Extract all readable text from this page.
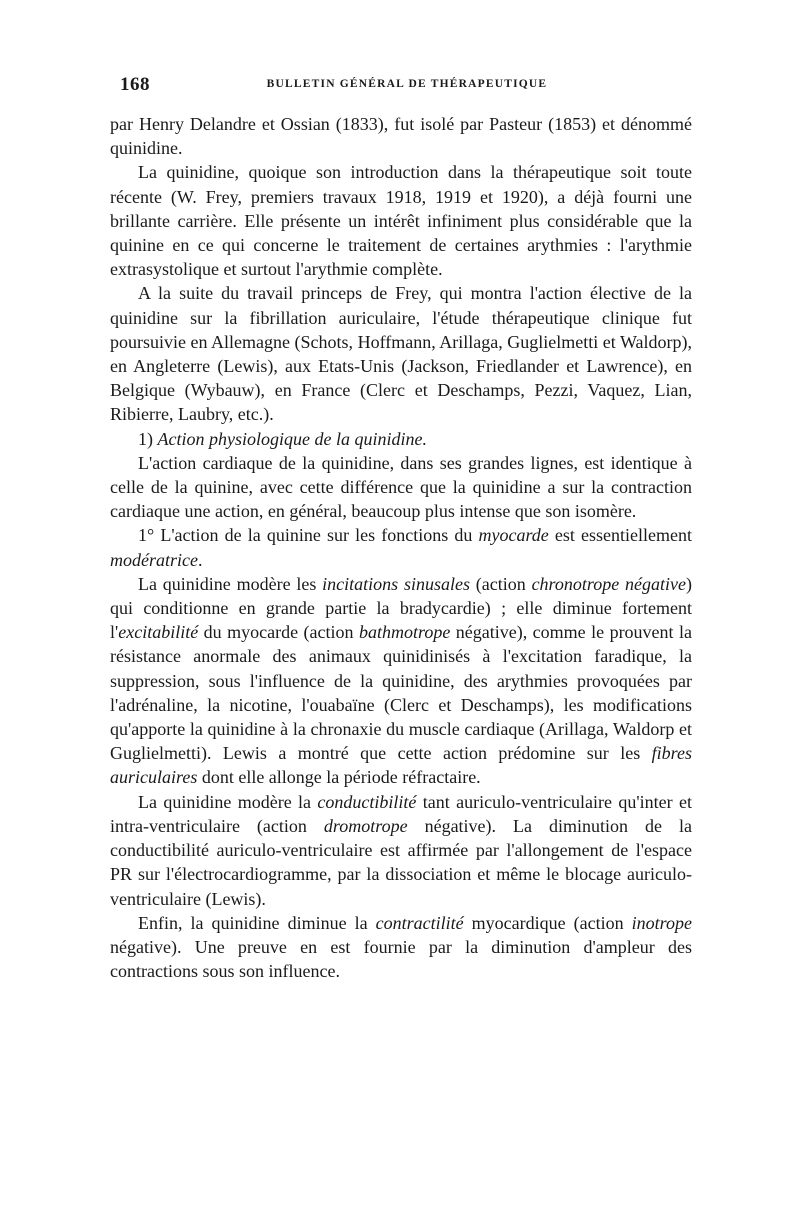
168	BULLETIN GÉNÉRAL DE THÉRAPEUTIQUE

par Henry Delandre et Ossian (1833), fut isolé par Pasteur (1853) et dénommé quinidine.

La quinidine, quoique son introduction dans la thérapeutique soit toute récente (W. Frey, premiers travaux 1918, 1919 et 1920), a déjà fourni une brillante carrière. Elle présente un intérêt infiniment plus considérable que la quinine en ce qui concerne le traitement de certaines arythmies : l'arythmie extrasystolique et surtout l'arythmie complète.

A la suite du travail princeps de Frey, qui montra l'action élective de la quinidine sur la fibrillation auriculaire, l'étude thérapeutique clinique fut poursuivie en Allemagne (Schots, Hoffmann, Arillaga, Guglielmetti et Waldorp), en Angleterre (Lewis), aux Etats-Unis (Jackson, Friedlander et Lawrence), en Belgique (Wybauw), en France (Clerc et Deschamps, Pezzi, Vaquez, Lian, Ribierre, Laubry, etc.).

1) Action physiologique de la quinidine.

L'action cardiaque de la quinidine, dans ses grandes lignes, est identique à celle de la quinine, avec cette différence que la quinidine a sur la contraction cardiaque une action, en général, beaucoup plus intense que son isomère.

1° L'action de la quinine sur les fonctions du myocarde est essentiellement modératrice.

La quinidine modère les incitations sinusales (action chronotrope négative) qui conditionne en grande partie la bradycardie) ; elle diminue fortement l'excitabilité du myocarde (action bathmotrope négative), comme le prouvent la résistance anormale des animaux quinidinisés à l'excitation faradique, la suppression, sous l'influence de la quinidine, des arythmies provoquées par l'adrénaline, la nicotine, l'ouabaïne (Clerc et Deschamps), les modifications qu'apporte la quinidine à la chronaxie du muscle cardiaque (Arillaga, Waldorp et Guglielmetti). Lewis a montré que cette action prédomine sur les fibres auriculaires dont elle allonge la période réfractaire.

La quinidine modère la conductibilité tant auriculo-ventriculaire qu'inter et intra-ventriculaire (action dromotrope négative). La diminution de la conductibilité auriculo-ventriculaire est affirmée par l'allongement de l'espace PR sur l'électrocardiogramme, par la dissociation et même le blocage auriculo-ventriculaire (Lewis).

Enfin, la quinidine diminue la contractilité myocardique (action inotrope négative). Une preuve en est fournie par la diminution d'ampleur des contractions sous son influence.
